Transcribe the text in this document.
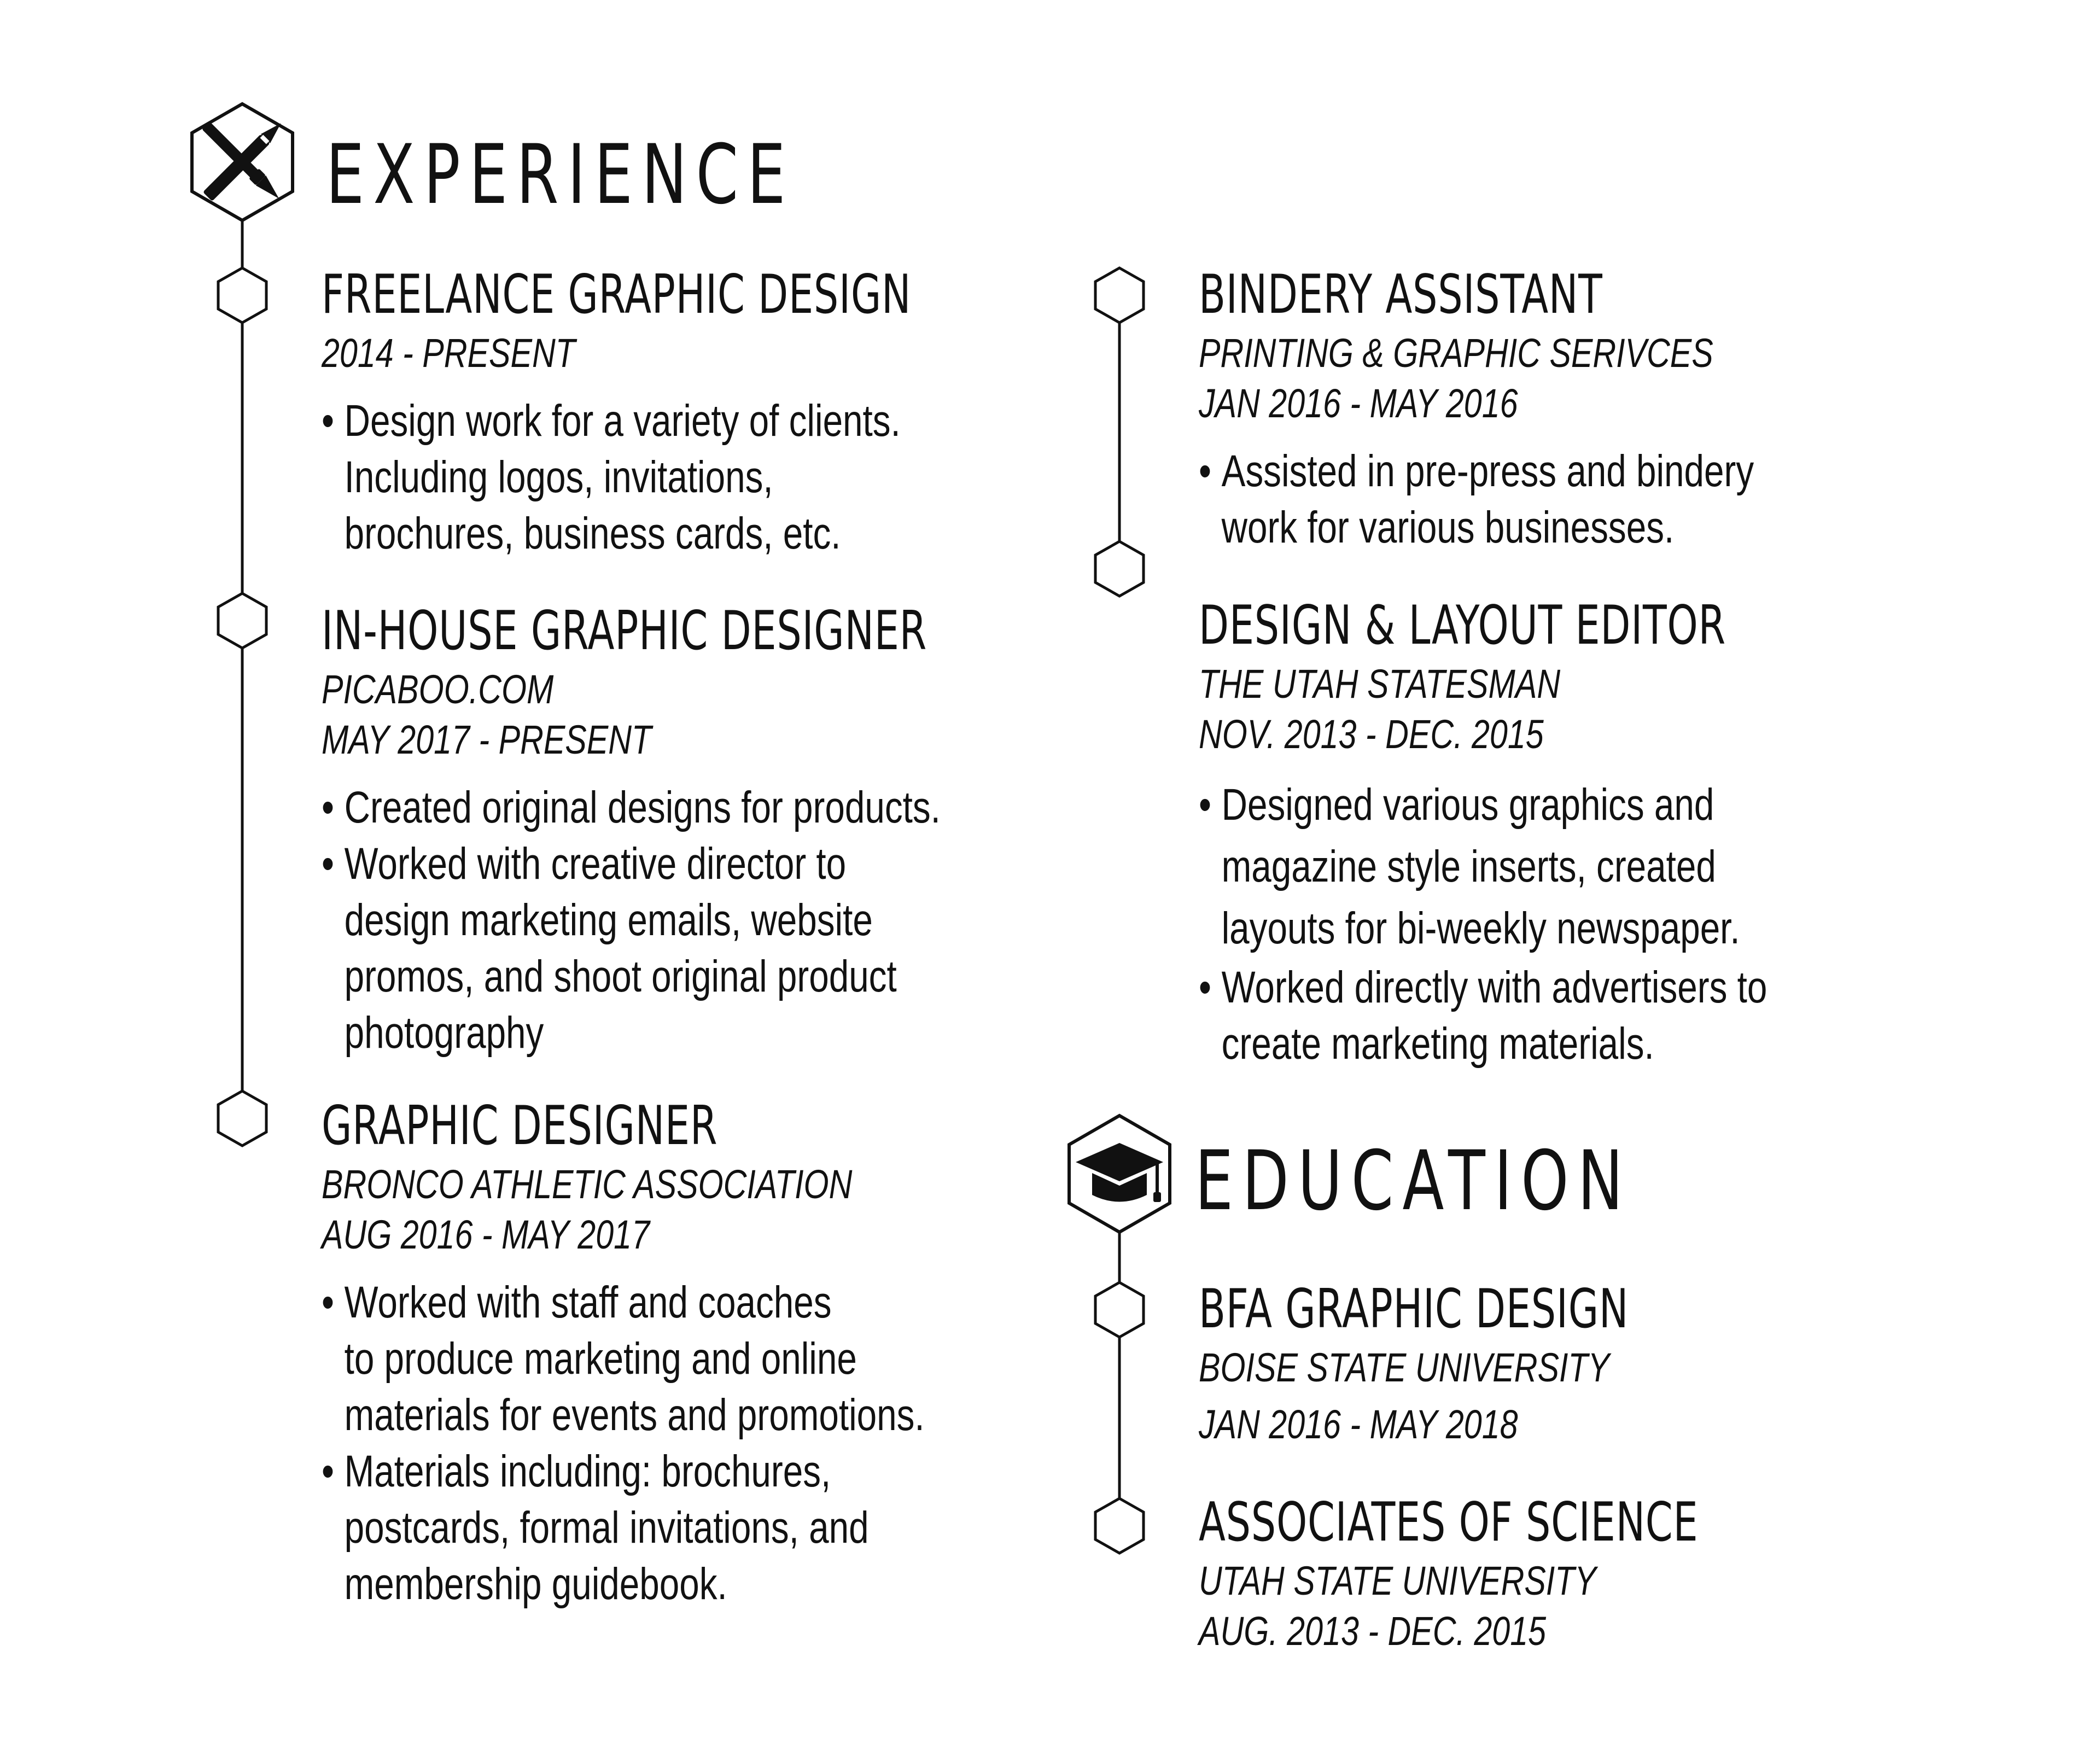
EXPERIENCE
EDUCATION
FREELANCE GRAPHIC DESIGN
2014 - PRESENT
• Design work for a variety of clients.
Including logos, invitations,
brochures, business cards, etc.
IN-HOUSE GRAPHIC DESIGNER
PICABOO.COM
MAY 2017 - PRESENT
• Created original designs for products.
• Worked with creative director to
design marketing emails, website
promos, and shoot original product
photography
GRAPHIC DESIGNER
BRONCO ATHLETIC ASSOCIATION
AUG 2016 - MAY 2017
• Worked with staff and coaches
to produce marketing and online
materials for events and promotions.
• Materials including: brochures,
postcards, formal invitations, and
membership guidebook.
BINDERY ASSISTANT
PRINTING & GRAPHIC SERIVCES
JAN 2016 - MAY 2016
• Assisted in pre-press and bindery
work for various businesses.
DESIGN & LAYOUT EDITOR
THE UTAH STATESMAN
NOV. 2013 - DEC. 2015
• Designed various graphics and
magazine style inserts, created
layouts for bi-weekly newspaper.
• Worked directly with advertisers to
create marketing materials.
BFA GRAPHIC DESIGN
BOISE STATE UNIVERSITY
JAN 2016 - MAY 2018
ASSOCIATES OF SCIENCE
UTAH STATE UNIVERSITY
AUG. 2013 - DEC. 2015
